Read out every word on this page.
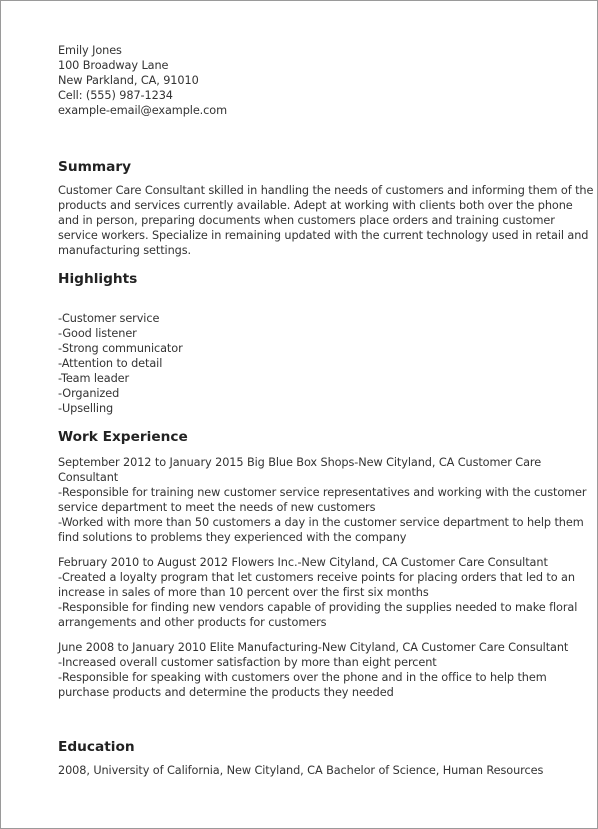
Emily Jones
100 Broadway Lane
New Parkland, CA, 91010
Cell: (555) 987-1234
example-email@example.com
Summary

Customer Care Consultant skilled in handling the needs of customers and informing them of the products and services currently available. Adept at working with clients both over the phone and in person, preparing documents when customers place orders and training customer service workers. Specialize in remaining updated with the current technology used in retail and manufacturing settings.

Highlights
-Customer service
-Good listener
-Strong communicator
-Attention to detail
-Team leader
-Organized
-Upselling
Work Experience
September 2012 to January 2015 Big Blue Box Shops-New Cityland, CA Customer Care Consultant
-Responsible for training new customer service representatives and working with the customer service department to meet the needs of new customers
-Worked with more than 50 customers a day in the customer service department to help them find solutions to problems they experienced with the company
February 2010 to August 2012 Flowers Inc.-New Cityland, CA Customer Care Consultant
-Created a loyalty program that let customers receive points for placing orders that led to an increase in sales of more than 10 percent over the first six months
-Responsible for finding new vendors capable of providing the supplies needed to make floral arrangements and other products for customers
June 2008 to January 2010 Elite Manufacturing-New Cityland, CA Customer Care Consultant
-Increased overall customer satisfaction by more than eight percent
-Responsible for speaking with customers over the phone and in the office to help them purchase products and determine the products they needed
Education

2008, University of California, New Cityland, CA Bachelor of Science, Human Resources
